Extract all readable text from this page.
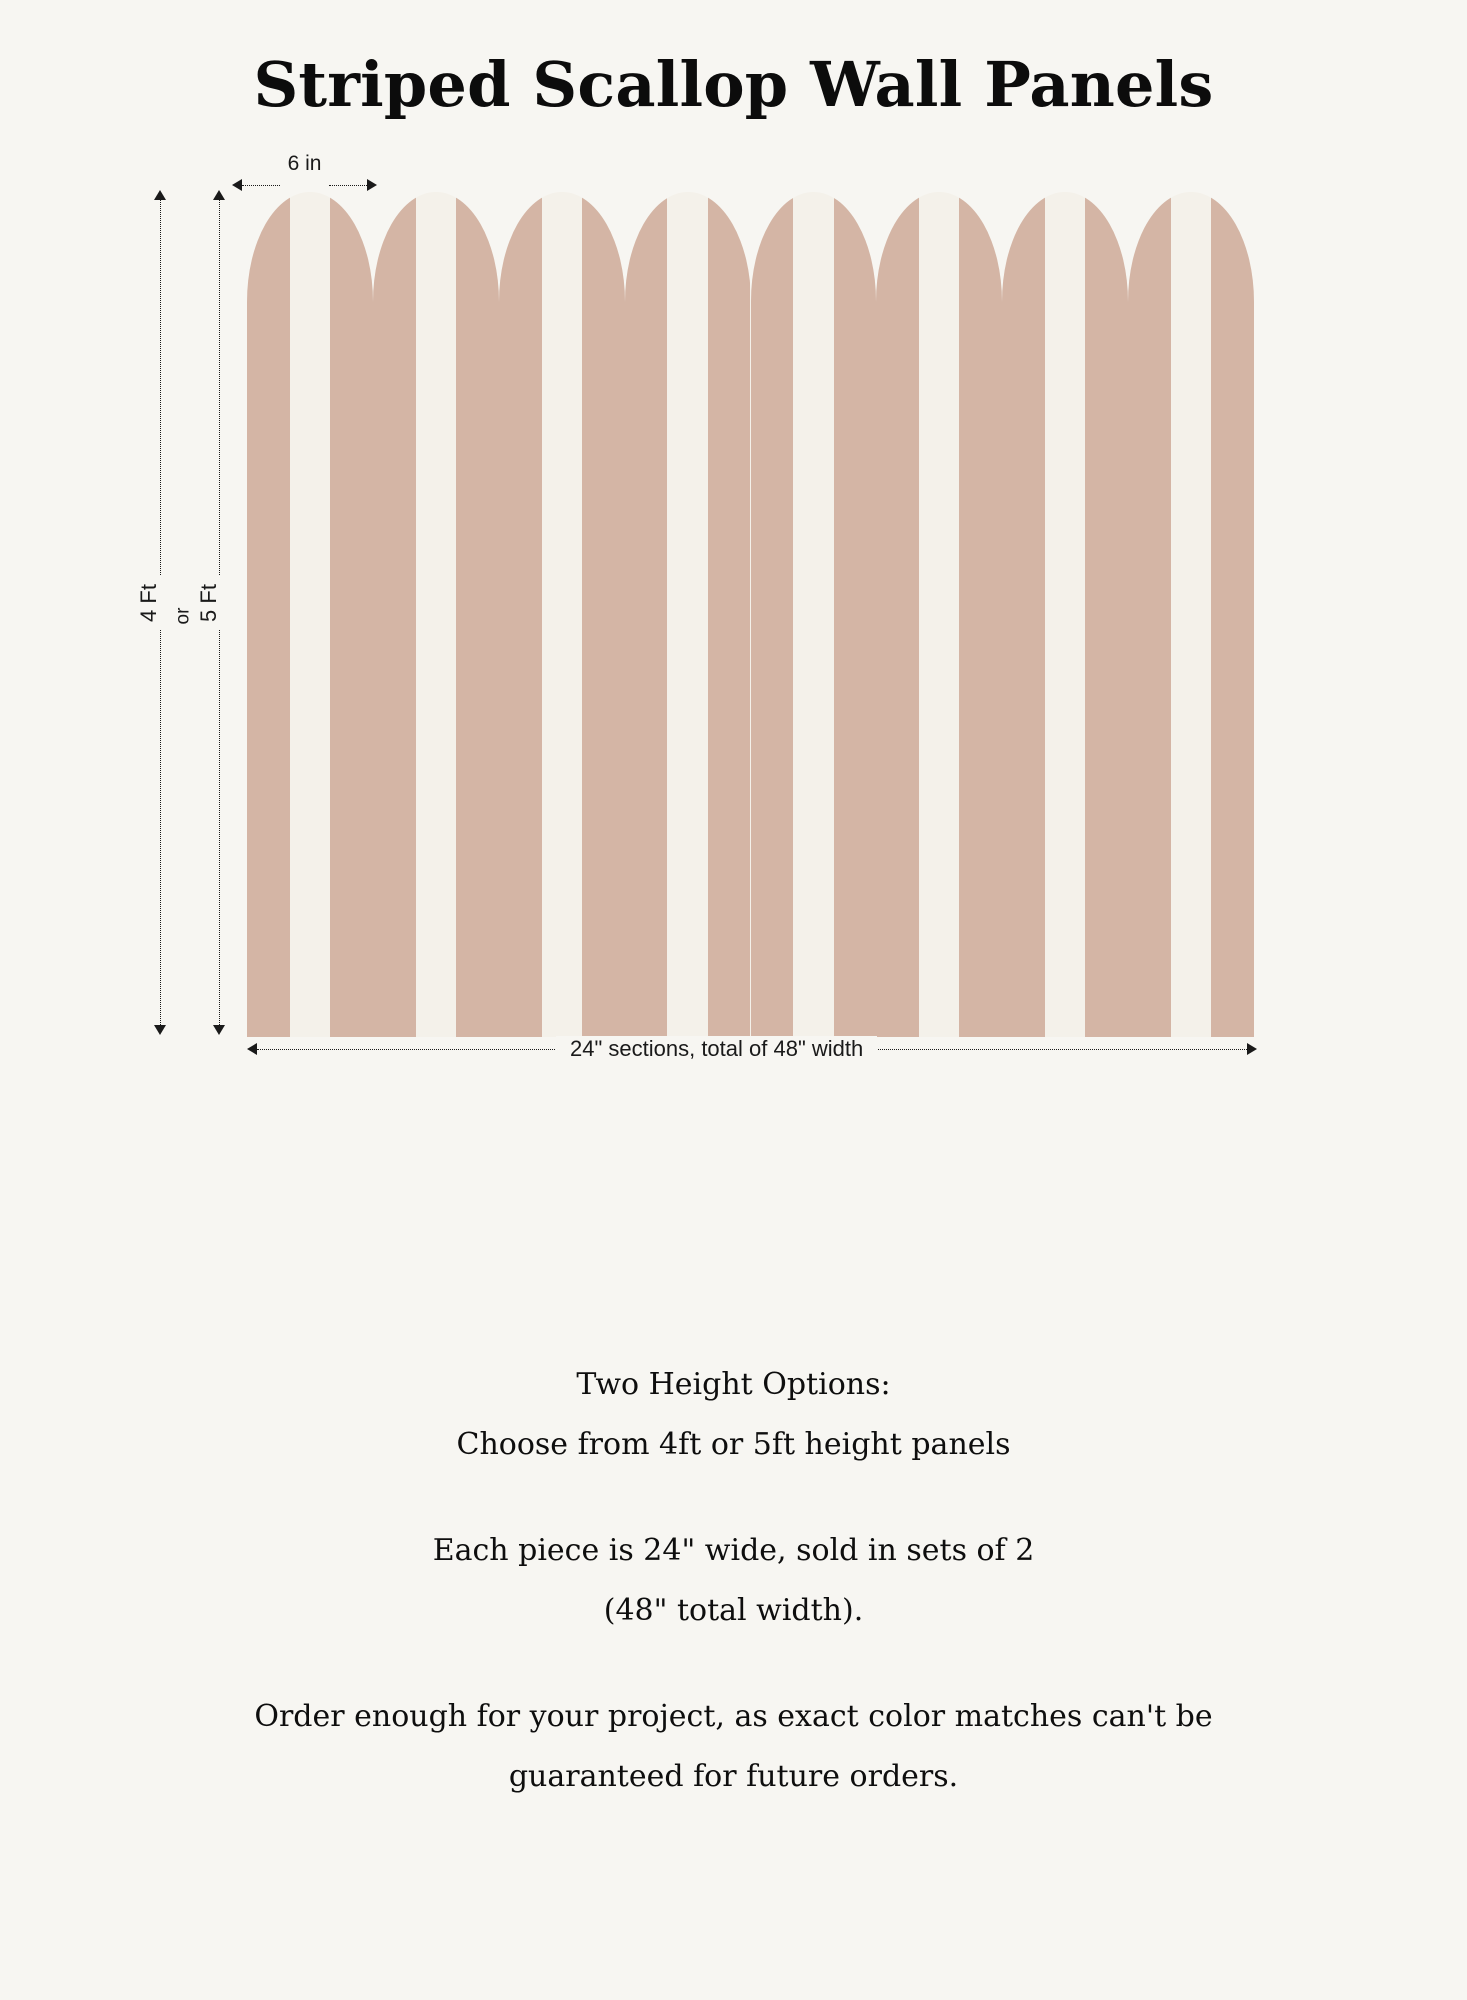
Striped Scallop Wall Panels
6 in
4 Ft or 5 Ft
24" sections, total of 48" width
Two Height Options:
Choose from 4ft or 5ft height panels
Each piece is 24" wide, sold in sets of 2
(48" total width).
Order enough for your project, as exact color matches can't be
guaranteed for future orders.
